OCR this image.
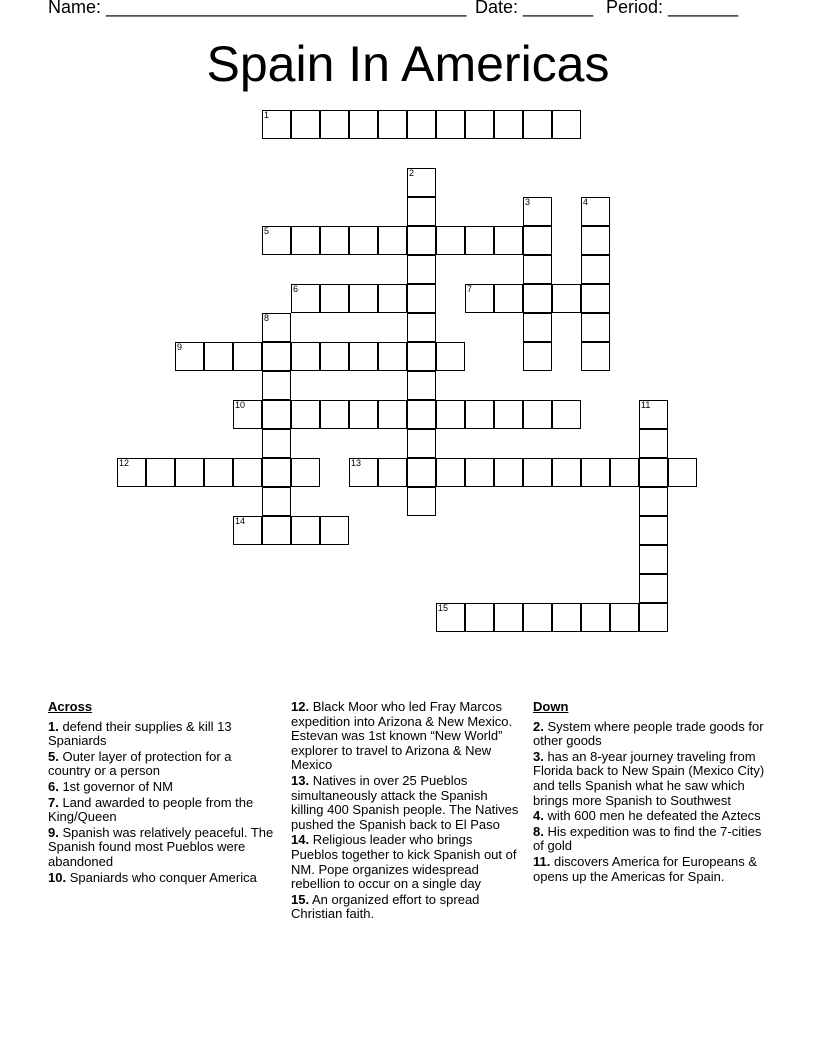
Name: ____________________________________ Date: _______ Period: _______
Spain In Americas
1
2
3	4
5
6	7
8
9
10	11
12	13
14
15
Across
1. defend their supplies & kill 13 Spaniards
5. Outer layer of protection for a country or a person
6. 1st governor of NM
7. Land awarded to people from the King/Queen
9. Spanish was relatively peaceful. The Spanish found most Pueblos were abandoned
10. Spaniards who conquer America
12. Black Moor who led Fray Marcos expedition into Arizona & New Mexico. Estevan was 1st known “New World” explorer to travel to Arizona & New Mexico
13. Natives in over 25 Pueblos simultaneously attack the Spanish killing 400 Spanish people. The Natives pushed the Spanish back to El Paso
14. Religious leader who brings Pueblos together to kick Spanish out of NM. Pope organizes widespread rebellion to occur on a single day
15. An organized effort to spread Christian faith.
Down
2. System where people trade goods for other goods
3. has an 8-year journey traveling from Florida back to New Spain (Mexico City) and tells Spanish what he saw which brings more Spanish to Southwest
4. with 600 men he defeated the Aztecs
8. His expedition was to find the 7-cities of gold
11. discovers America for Europeans & opens up the Americas for Spain.
